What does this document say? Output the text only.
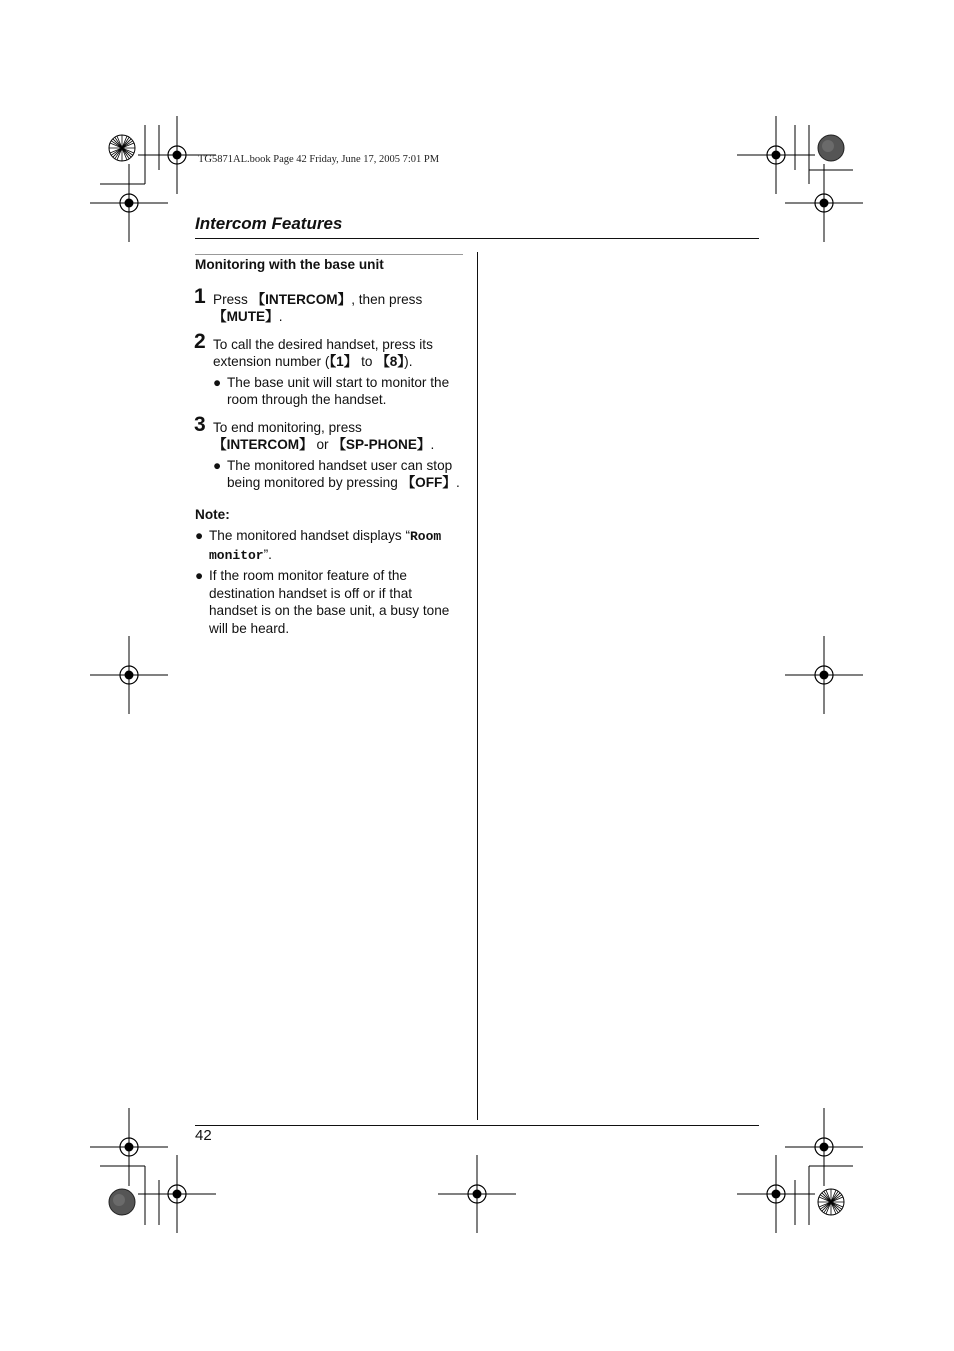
TG5871AL.book Page 42 Friday, June 17, 2005 7:01 PM
Intercom Features
Monitoring with the base unit
1 Press 【INTERCOM】, then press 【MUTE】.
2 To call the desired handset, press its extension number (【1】 to 【8】).
● The base unit will start to monitor the room through the handset.
3 To end monitoring, press 【INTERCOM】 or 【SP-PHONE】.
● The monitored handset user can stop being monitored by pressing 【OFF】.
Note:
● The monitored handset displays “Room monitor”.
● If the room monitor feature of the destination handset is off or if that handset is on the base unit, a busy tone will be heard.
42
